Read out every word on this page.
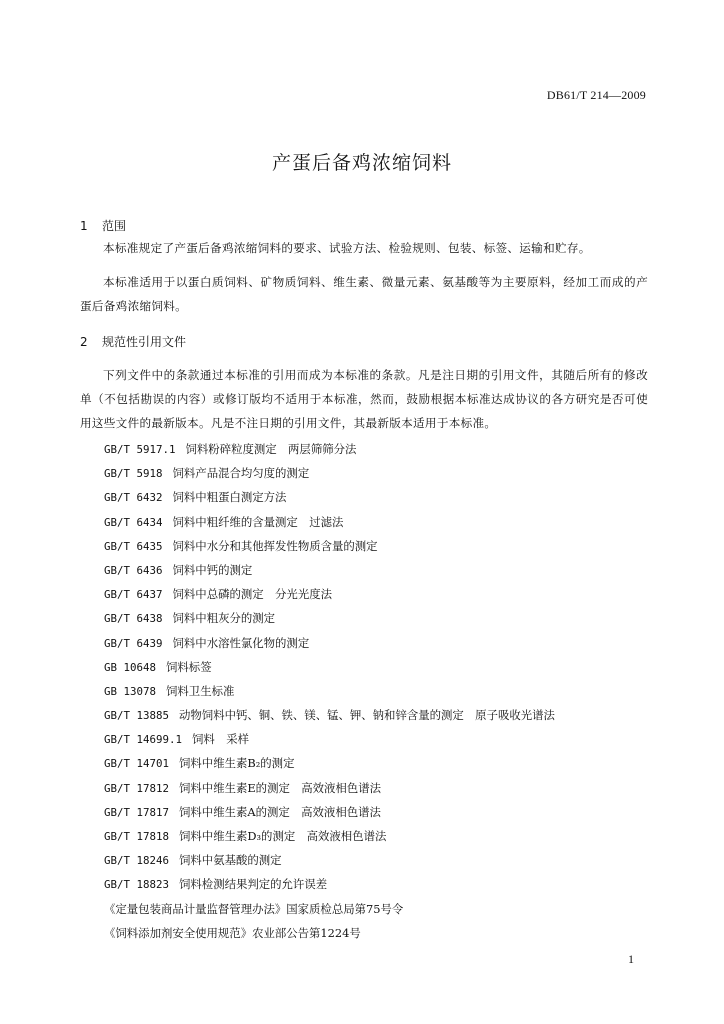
DB61/T 214—2009
产蛋后备鸡浓缩饲料
1 范围
本标准规定了产蛋后备鸡浓缩饲料的要求、试验方法、检验规则、包装、标签、运输和贮存。
本标准适用于以蛋白质饲料、矿物质饲料、维生素、微量元素、氨基酸等为主要原料，经加工而成的产蛋后备鸡浓缩饲料。
2 规范性引用文件
下列文件中的条款通过本标准的引用而成为本标准的条款。凡是注日期的引用文件，其随后所有的修改单（不包括勘误的内容）或修订版均不适用于本标准，然而，鼓励根据本标准达成协议的各方研究是否可使用这些文件的最新版本。凡是不注日期的引用文件，其最新版本适用于本标准。
GB/T 5917.1 饲料粉碎粒度测定　两层筛筛分法
GB/T 5918 饲料产品混合均匀度的测定
GB/T 6432 饲料中粗蛋白测定方法
GB/T 6434 饲料中粗纤维的含量测定　过滤法
GB/T 6435 饲料中水分和其他挥发性物质含量的测定
GB/T 6436 饲料中钙的测定
GB/T 6437 饲料中总磷的测定　分光光度法
GB/T 6438 饲料中粗灰分的测定
GB/T 6439 饲料中水溶性氯化物的测定
GB 10648 饲料标签
GB 13078 饲料卫生标准
GB/T 13885 动物饲料中钙、铜、铁、镁、锰、钾、钠和锌含量的测定　原子吸收光谱法
GB/T 14699.1 饲料　采样
GB/T 14701 饲料中维生素B₂的测定
GB/T 17812 饲料中维生素E的测定　高效液相色谱法
GB/T 17817 饲料中维生素A的测定　高效液相色谱法
GB/T 17818 饲料中维生素D₃的测定　高效液相色谱法
GB/T 18246 饲料中氨基酸的测定
GB/T 18823 饲料检测结果判定的允许误差
《定量包装商品计量监督管理办法》国家质检总局第75号令
《饲料添加剂安全使用规范》农业部公告第1224号
1
